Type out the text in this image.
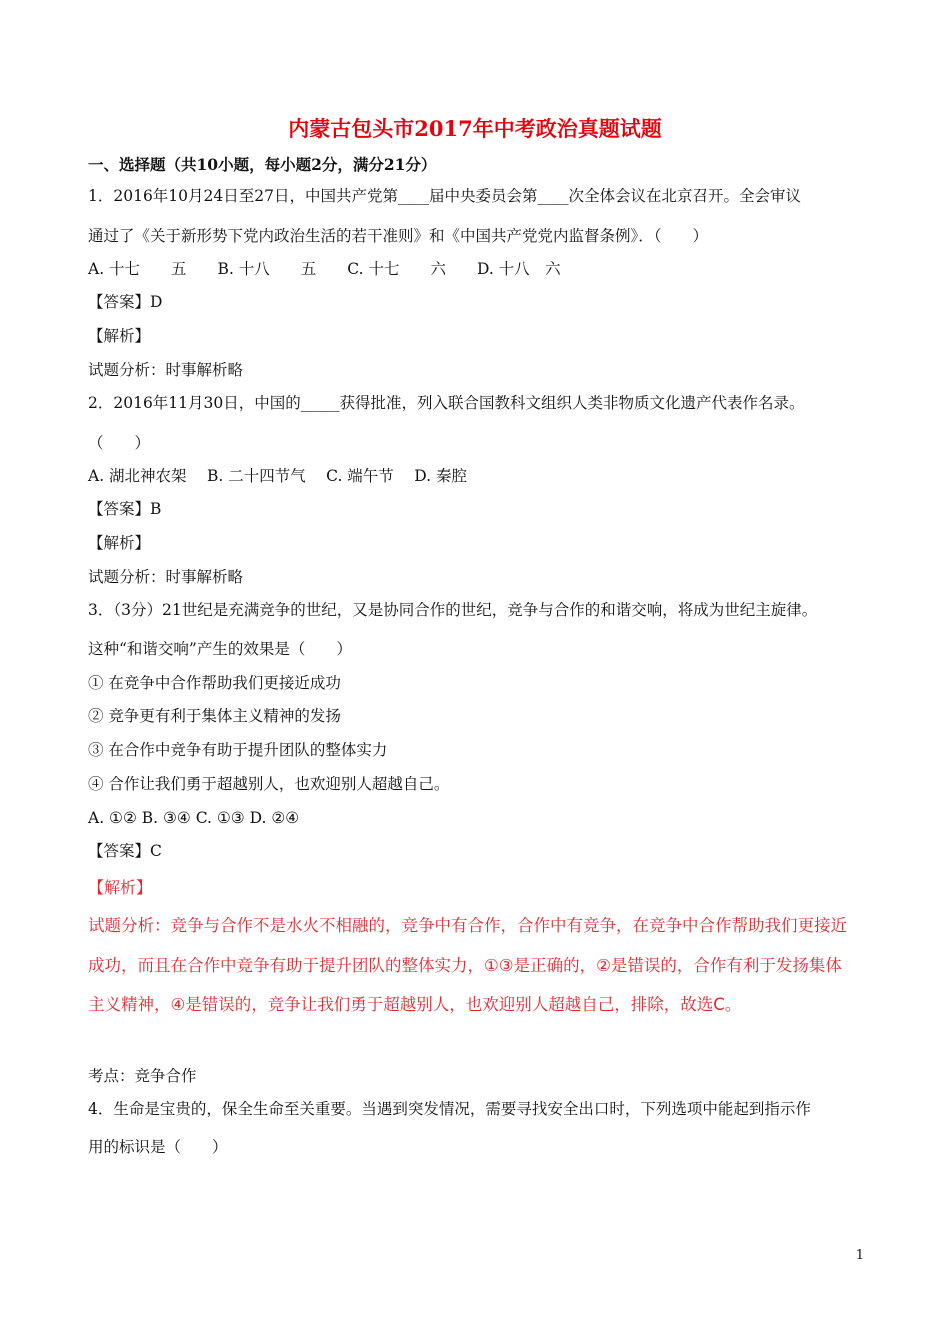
内蒙古包头市2017年中考政治真题试题
一、选择题（共10小题，每小题2分，满分21分）
1．2016年10月24日至27日，中国共产党第____届中央委员会第____次全体会议在北京召开。全会审议
通过了《关于新形势下党内政治生活的若干准则》和《中国共产党党内监督条例》．（　　）
A. 十七　　五　　B. 十八　　五　　C. 十七　　六　　D. 十八　六
【答案】D
【解析】
试题分析：时事解析略
2．2016年11月30日，中国的_____获得批准，列入联合国教科文组织人类非物质文化遗产代表作名录。
（　　）
A. 湖北神农架　 B. 二十四节气　 C. 端午节　 D. 秦腔
【答案】B
【解析】
试题分析：时事解析略
3．（3分）21世纪是充满竞争的世纪，又是协同合作的世纪，竞争与合作的和谐交响，将成为世纪主旋律。
这种“和谐交响”产生的效果是（　　）
① 在竞争中合作帮助我们更接近成功
② 竞争更有利于集体主义精神的发扬
③ 在合作中竞争有助于提升团队的整体实力
④ 合作让我们勇于超越别人，也欢迎别人超越自己。
A. ①② B. ③④ C. ①③ D. ②④
【答案】C
【解析】
试题分析：竞争与合作不是水火不相融的，竞争中有合作，合作中有竞争，在竞争中合作帮助我们更接近
成功，而且在合作中竞争有助于提升团队的整体实力，①③是正确的，②是错误的，合作有利于发扬集体
主义精神，④是错误的，竞争让我们勇于超越别人，也欢迎别人超越自己，排除，故选C。
考点：竞争合作
4．生命是宝贵的，保全生命至关重要。当遇到突发情况，需要寻找安全出口时，下列选项中能起到指示作
用的标识是（　　）
1
